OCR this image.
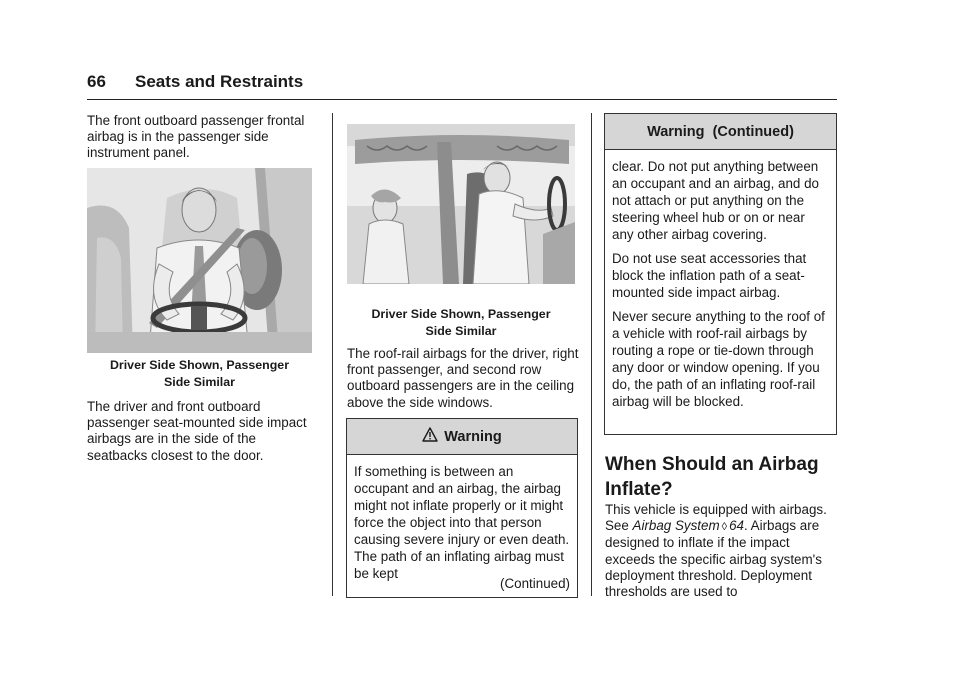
66 Seats and Restraints
The front outboard passenger frontal airbag is in the passenger side instrument panel.
Driver Side Shown, Passenger
Side Similar
The driver and front outboard passenger seat-mounted side impact airbags are in the side of the seatbacks closest to the door.
Driver Side Shown, Passenger
Side Similar
The roof-rail airbags for the driver, right front passenger, and second row outboard passengers are in the ceiling above the side windows.
Warning

If something is between an occupant and an airbag, the airbag might not inflate properly or it might force the object into that person causing severe injury or even death. The path of an inflating airbag must be kept

(Continued)
Warning  (Continued)

clear. Do not put anything between an occupant and an airbag, and do not attach or put anything on the steering wheel hub or on or near any other airbag covering.

Do not use seat accessories that block the inflation path of a seat-mounted side impact airbag.

Never secure anything to the roof of a vehicle with roof-rail airbags by routing a rope or tie-down through any door or window opening. If you do, the path of an inflating roof-rail airbag will be blocked.

When Should an Airbag
Inflate?
This vehicle is equipped with airbags. See Airbag System ◊ 64. Airbags are designed to inflate if the impact exceeds the specific airbag system's deployment threshold. Deployment thresholds are used to
